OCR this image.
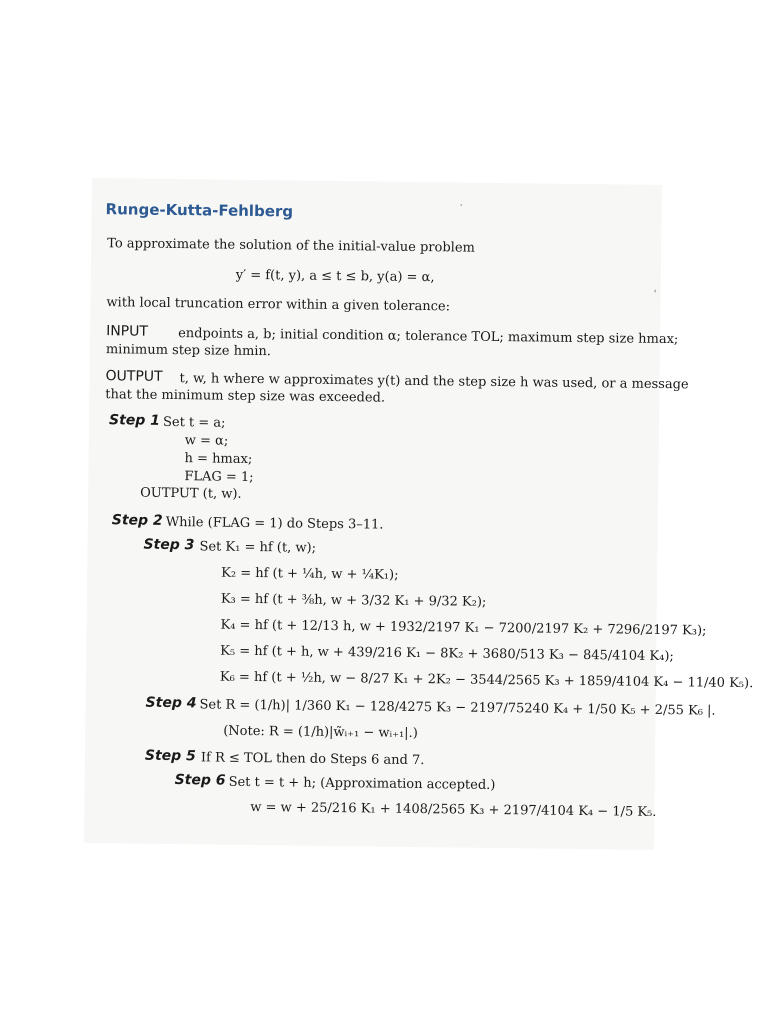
Runge-Kutta-Fehlberg	·
'
To approximate the solution of the initial-value problem
y′ = f(t, y), a ≤ t ≤ b, y(a) = α,
with local truncation error within a given tolerance:
INPUT endpoints a, b; initial condition α; tolerance TOL; maximum step size hmax;
minimum step size hmin.
OUTPUT t, w, h where w approximates y(t) and the step size h was used, or a message
that the minimum step size was exceeded.
Step 1 Set t = a;
w = α;
h = hmax;
FLAG = 1;
OUTPUT (t, w).
Step 2 While (FLAG = 1) do Steps 3–11.
Step 3 Set K₁ = hf (t, w);
K₂ = hf (t + ¼h, w + ¼K₁);
K₃ = hf (t + ⅜h, w + 3/32 K₁ + 9/32 K₂);
K₄ = hf (t + 12/13 h, w + 1932/2197 K₁ − 7200/2197 K₂ + 7296/2197 K₃);
K₅ = hf (t + h, w + 439/216 K₁ − 8K₂ + 3680/513 K₃ − 845/4104 K₄);
K₆ = hf (t + ½h, w − 8/27 K₁ + 2K₂ − 3544/2565 K₃ + 1859/4104 K₄ − 11/40 K₅).
Step 4 Set R = (1/h)| 1/360 K₁ − 128/4275 K₃ − 2197/75240 K₄ + 1/50 K₅ + 2/55 K₆ |.
(Note: R = (1/h)|w̃ᵢ₊₁ − wᵢ₊₁|.)
Step 5 If R ≤ TOL then do Steps 6 and 7.
Step 6 Set t = t + h; (Approximation accepted.)
w = w + 25/216 K₁ + 1408/2565 K₃ + 2197/4104 K₄ − 1/5 K₅.
